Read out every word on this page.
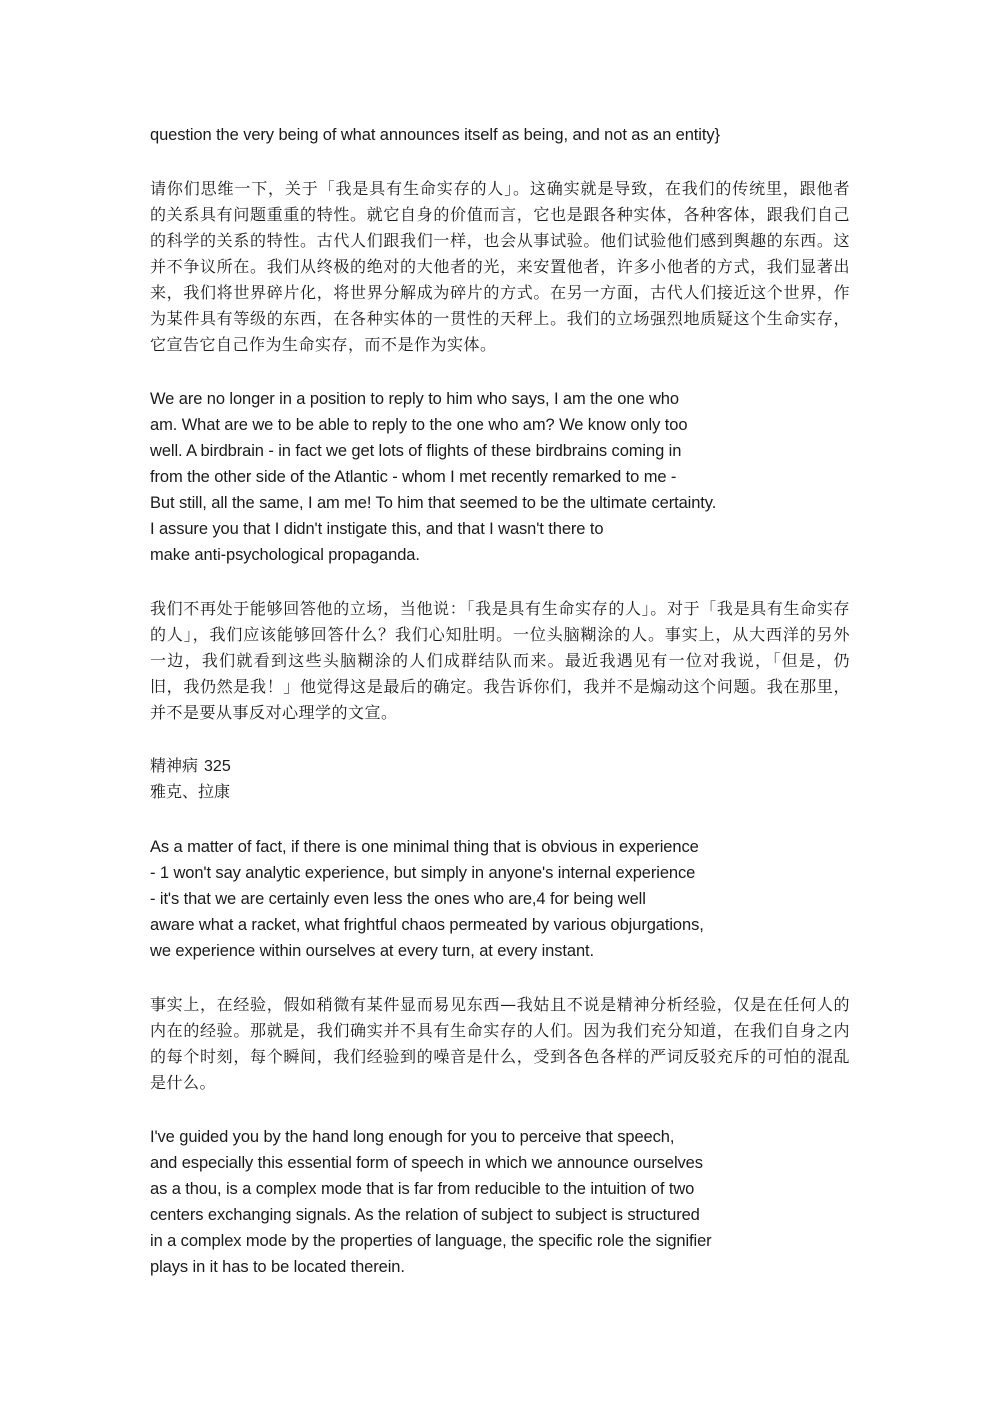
question the very being of what announces itself as being, and not as an entity}

请你们思维一下，关于「我是具有生命实存的人」。这确实就是导致，在我们的传统里，跟他者的关系具有问题重重的特性。就它自身的价值而言，它也是跟各种实体，各种客体，跟我们自己的科学的关系的特性。古代人们跟我们一样，也会从事试验。他们试验他们感到舆趣的东西。这并不争议所在。我们从终极的绝对的大他者的光，来安置他者，许多小他者的方式，我们显著出来，我们将世界碎片化，将世界分解成为碎片的方式。在另一方面，古代人们接近这个世界，作为某件具有等级的东西，在各种实体的一贯性的天秤上。我们的立场强烈地质疑这个生命实存，它宣告它自己作为生命实存，而不是作为实体。

We are no longer in a position to reply to him who says, I am the one who
am. What are we to be able to reply to the one who am? We know only too
well. A birdbrain - in fact we get lots of flights of these birdbrains coming in
from the other side of the Atlantic - whom I met recently remarked to me -
But still, all the same, I am me! To him that seemed to be the ultimate certainty.
I assure you that I didn't instigate this, and that I wasn't there to
make anti-psychological propaganda.

我们不再处于能够回答他的立场，当他说：「我是具有生命实存的人」。对于「我是具有生命实存的人」，我们应该能够回答什么？我们心知肚明。一位头脑糊涂的人。事实上，从大西洋的另外一边，我们就看到这些头脑糊涂的人们成群结队而来。最近我遇见有一位对我说，「但是，仍旧，我仍然是我！」他觉得这是最后的确定。我告诉你们，我并不是煽动这个问题。我在那里，并不是要从事反对心理学的文宣。

精神病 325
雅克、拉康

As a matter of fact, if there is one minimal thing that is obvious in experience
- 1 won't say analytic experience, but simply in anyone's internal experience
- it's that we are certainly even less the ones who are,4 for being well
aware what a racket, what frightful chaos permeated by various objurgations,
we experience within ourselves at every turn, at every instant.

事实上，在经验，假如稍微有某件显而易见东西—我姑且不说是精神分析经验，仅是在任何人的内在的经验。那就是，我们确实并不具有生命实存的人们。因为我们充分知道，在我们自身之内的每个时刻，每个瞬间，我们经验到的噪音是什么，受到各色各样的严词反驳充斥的可怕的混乱是什么。

I've guided you by the hand long enough for you to perceive that speech,
and especially this essential form of speech in which we announce ourselves
as a thou, is a complex mode that is far from reducible to the intuition of two
centers exchanging signals. As the relation of subject to subject is structured
in a complex mode by the properties of language, the specific role the signifier
plays in it has to be located therein.
